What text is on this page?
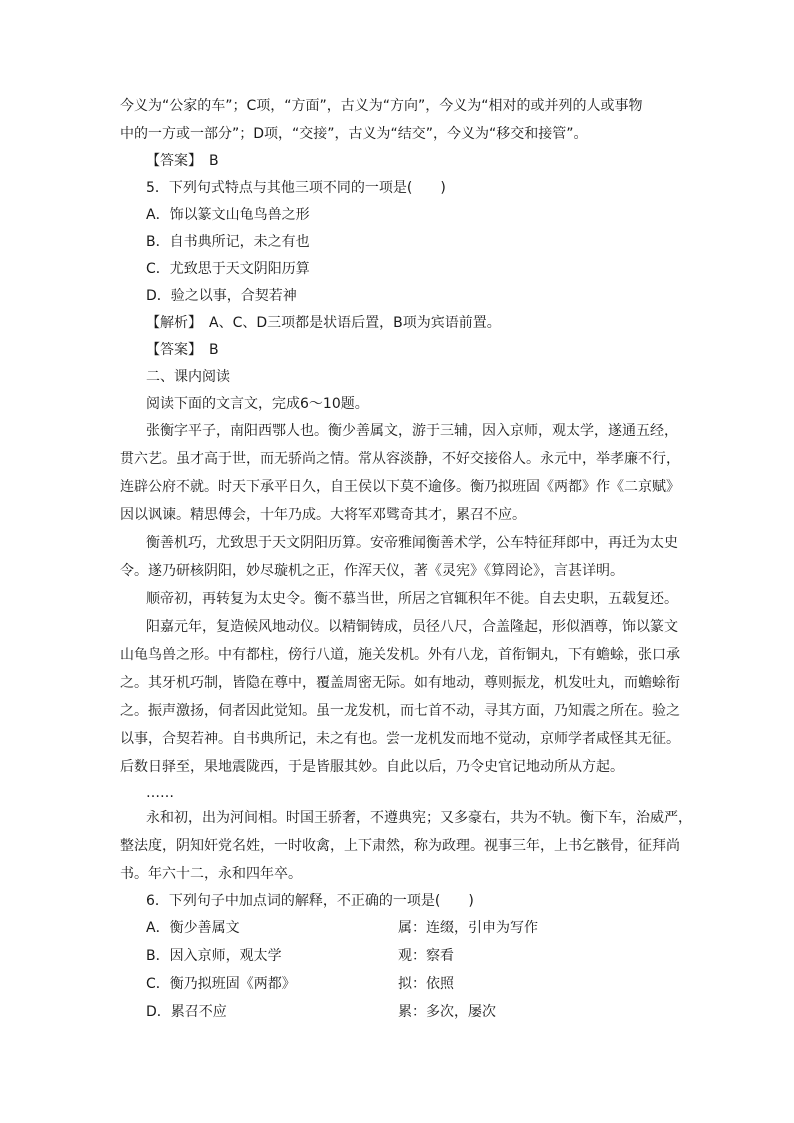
今义为“公家的车”；C项，“方面”，古义为“方向”，今义为“相对的或并列的人或事物
中的一方或一部分”；D项，“交接”，古义为“结交”，今义为“移交和接管”。
【答案】　B
5．下列句式特点与其他三项不同的一项是(　　)
A．饰以篆文山龟鸟兽之形
B．自书典所记，未之有也
C．尤致思于天文阴阳历算
D．验之以事，合契若神
【解析】　A、C、D三项都是状语后置，B项为宾语前置。
【答案】　B
二、课内阅读
阅读下面的文言文，完成6～10题。
张衡字平子，南阳西鄂人也。衡少善属文，游于三辅，因入京师，观太学，遂通五经，
贯六艺。虽才高于世，而无骄尚之情。常从容淡静，不好交接俗人。永元中，举孝廉不行，
连辟公府不就。时天下承平日久，自王侯以下莫不逾侈。衡乃拟班固《两都》作《二京赋》
因以讽谏。精思傅会，十年乃成。大将军邓骘奇其才，累召不应。
衡善机巧，尤致思于天文阴阳历算。安帝雅闻衡善术学，公车特征拜郎中，再迁为太史
令。遂乃研核阴阳，妙尽璇机之正，作浑天仪，著《灵宪》《算罔论》，言甚详明。
顺帝初，再转复为太史令。衡不慕当世，所居之官辄积年不徙。自去史职，五载复还。
阳嘉元年，复造候风地动仪。以精铜铸成，员径八尺，合盖隆起，形似酒尊，饰以篆文
山龟鸟兽之形。中有都柱，傍行八道，施关发机。外有八龙，首衔铜丸，下有蟾蜍，张口承
之。其牙机巧制，皆隐在尊中，覆盖周密无际。如有地动，尊则振龙，机发吐丸，而蟾蜍衔
之。振声激扬，伺者因此觉知。虽一龙发机，而七首不动，寻其方面，乃知震之所在。验之
以事，合契若神。自书典所记，未之有也。尝一龙机发而地不觉动，京师学者咸怪其无征。
后数日驿至，果地震陇西，于是皆服其妙。自此以后，乃令史官记地动所从方起。
……
永和初，出为河间相。时国王骄奢，不遵典宪；又多豪右，共为不轨。衡下车，治威严，
整法度，阴知奸党名姓，一时收禽，上下肃然，称为政理。视事三年，上书乞骸骨，征拜尚
书。年六十二，永和四年卒。
6．下列句子中加点词的解释，不正确的一项是(　　)
A．衡少善属文	属：连缀，引申为写作
B．因入京师，观太学	观：察看
C．衡乃拟班固《两都》	拟：依照
D．累召不应	累：多次，屡次
